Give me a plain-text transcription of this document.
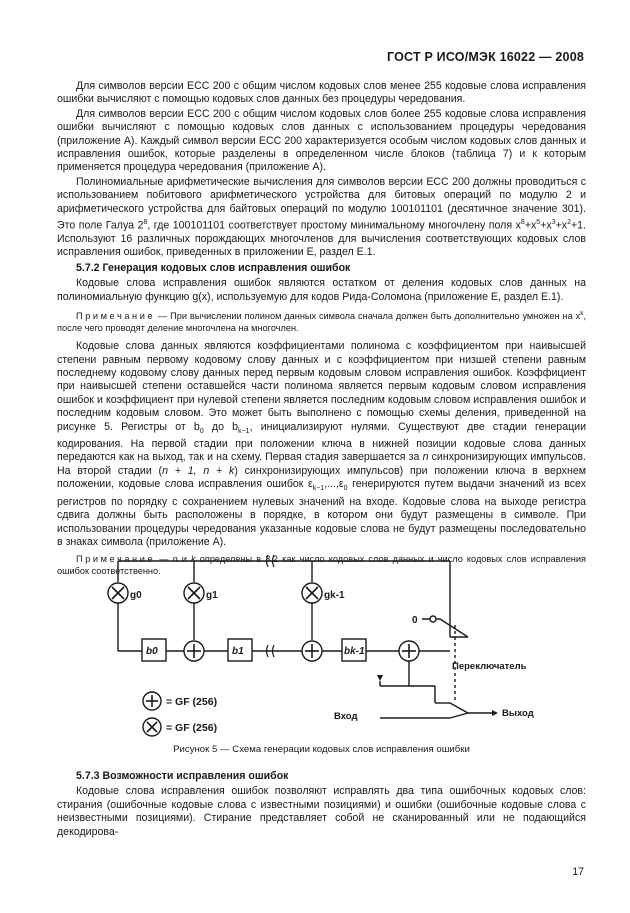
ГОСТ Р ИСО/МЭК 16022 — 2008

Для символов версии ECC 200 с общим числом кодовых слов менее 255 кодовые слова исправления ошибки вычисляют с помощью кодовых слов данных без процедуры чередования.

Для символов версии ECC 200 с общим числом кодовых слов более 255 кодовые слова исправления ошибки вычисляют с помощью кодовых слов данных с использованием процедуры чередования (приложение А). Каждый символ версии ECC 200 характеризуется особым числом кодовых слов данных и исправления ошибок, которые разделены в определенном числе блоков (таблица 7) и к которым применяется процедура чередования (приложение А).

Полиномиальные арифметические вычисления для символов версии ECC 200 должны проводиться с использованием побитового арифметического устройства для битовых операций по модулю 2 и арифметического устройства для байтовых операций по модулю 100101101 (десятичное значение 301). Это поле Галуа $2^8$, где 100101101 соответствует простому минимальному многочлену поля $x^8+x^5+x^3+x^2+1$. Используют 16 различных порождающих многочленов для вычисления соответствующих кодовых слов исправления ошибок, приведенных в приложении Е, раздел Е.1.

5.7.2 Генерация кодовых слов исправления ошибок

Кодовые слова исправления ошибок являются остатком от деления кодовых слов данных на полиномиальную функцию g(x), используемую для кодов Рида-Соломона (приложение Е, раздел Е.1).

Примечание — При вычислении полином данных символа сначала должен быть дополнительно умножен на $x^k$, после чего проводят деление многочлена на многочлен.

Кодовые слова данных являются коэффициентами полинома с коэффициентом при наивысшей степени равным первому кодовому слову данных и с коэффициентом при низшей степени равным последнему кодовому слову данных перед первым кодовым словом исправления ошибок. Коэффициент при наивысшей степени оставшейся части полинома является первым кодовым словом исправления ошибок и коэффициент при нулевой степени является последним кодовым словом исправления ошибок и последним кодовым словом. Это может быть выполнено с помощью схемы деления, приведенной на рисунке 5. Регистры от $b_0$ до $b_{k-1}$, инициализируют нулями. Существуют две стадии генерации кодирования. На первой стадии при положении ключа в нижней позиции кодовые слова данных передаются как на выход, так и на схему. Первая стадия завершается за n синхронизирующих импульсов. На второй стадии (n + 1, n + k) синхронизирующих импульсов) при положении ключа в верхнем положении, кодовые слова исправления ошибок $\varepsilon_{k-1},...,\varepsilon_0$ генерируются путем выдачи значений из всех регистров по порядку с сохранением нулевых значений на входе. Кодовые слова на выходе регистра сдвига должны быть расположены в порядке, в котором они будут размещены в символе. При использовании процедуры чередования указанные кодовые слова не будут размещены последовательно в знаках символа (приложение А).

Примечание — n и k определены в 3.2 как число кодовых слов данных и число кодовых слов исправления ошибок соответственно.

g0	g1	gk-1
b0	b1	bk-1
0
Переключатель
Выход
Вход
= GF (256)
= GF (256)
Рисунок 5 — Схема генерации кодовых слов исправления ошибки

5.7.3 Возможности исправления ошибок

Кодовые слова исправления ошибок позволяют исправлять два типа ошибочных кодовых слов: стирания (ошибочные кодовые слова с известными позициями) и ошибки (ошибочные кодовые слова с неизвестными позициями). Стирание представляет собой не сканированный или не подающийся декодирова-

17
